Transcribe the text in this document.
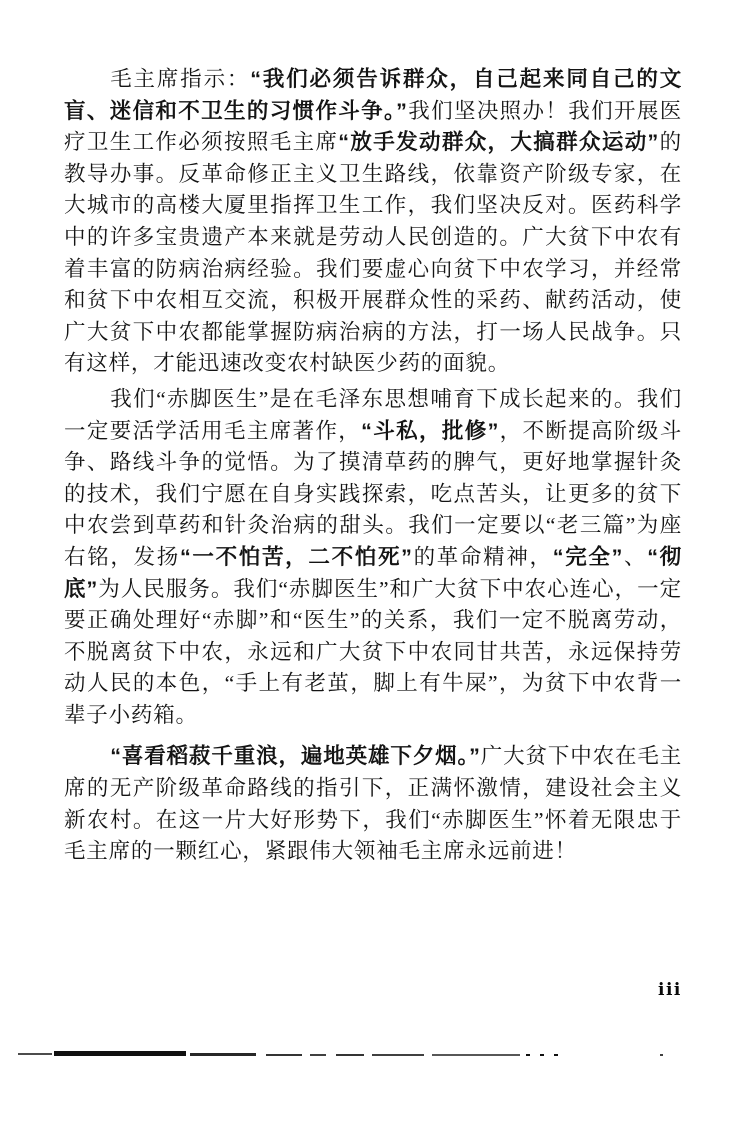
毛主席指示：“我们必须告诉群众，自己起来同自己的文盲、迷信和不卫生的习惯作斗争。”我们坚决照办！我们开展医疗卫生工作必须按照毛主席“放手发动群众，大搞群众运动”的教导办事。反革命修正主义卫生路线，依靠资产阶级专家，在大城市的高楼大厦里指挥卫生工作，我们坚决反对。医药科学中的许多宝贵遗产本来就是劳动人民创造的。广大贫下中农有着丰富的防病治病经验。我们要虚心向贫下中农学习，并经常和贫下中农相互交流，积极开展群众性的采药、献药活动，使广大贫下中农都能掌握防病治病的方法，打一场人民战争。只有这样，才能迅速改变农村缺医少药的面貌。
我们“赤脚医生”是在毛泽东思想哺育下成长起来的。我们一定要活学活用毛主席著作，“斗私，批修”，不断提高阶级斗争、路线斗争的觉悟。为了摸清草药的脾气，更好地掌握针灸的技术，我们宁愿在自身实践探索，吃点苦头，让更多的贫下中农尝到草药和针灸治病的甜头。我们一定要以“老三篇”为座右铭，发扬“一不怕苦，二不怕死”的革命精神，“完全”、“彻底”为人民服务。我们“赤脚医生”和广大贫下中农心连心，一定要正确处理好“赤脚”和“医生”的关系，我们一定不脱离劳动，不脱离贫下中农，永远和广大贫下中农同甘共苦，永远保持劳动人民的本色，“手上有老茧，脚上有牛屎”，为贫下中农背一辈子小药箱。
“喜看稻菽千重浪，遍地英雄下夕烟。”广大贫下中农在毛主席的无产阶级革命路线的指引下，正满怀激情，建设社会主义新农村。在这一片大好形势下，我们“赤脚医生”怀着无限忠于毛主席的一颗红心，紧跟伟大领袖毛主席永远前进！
iii
